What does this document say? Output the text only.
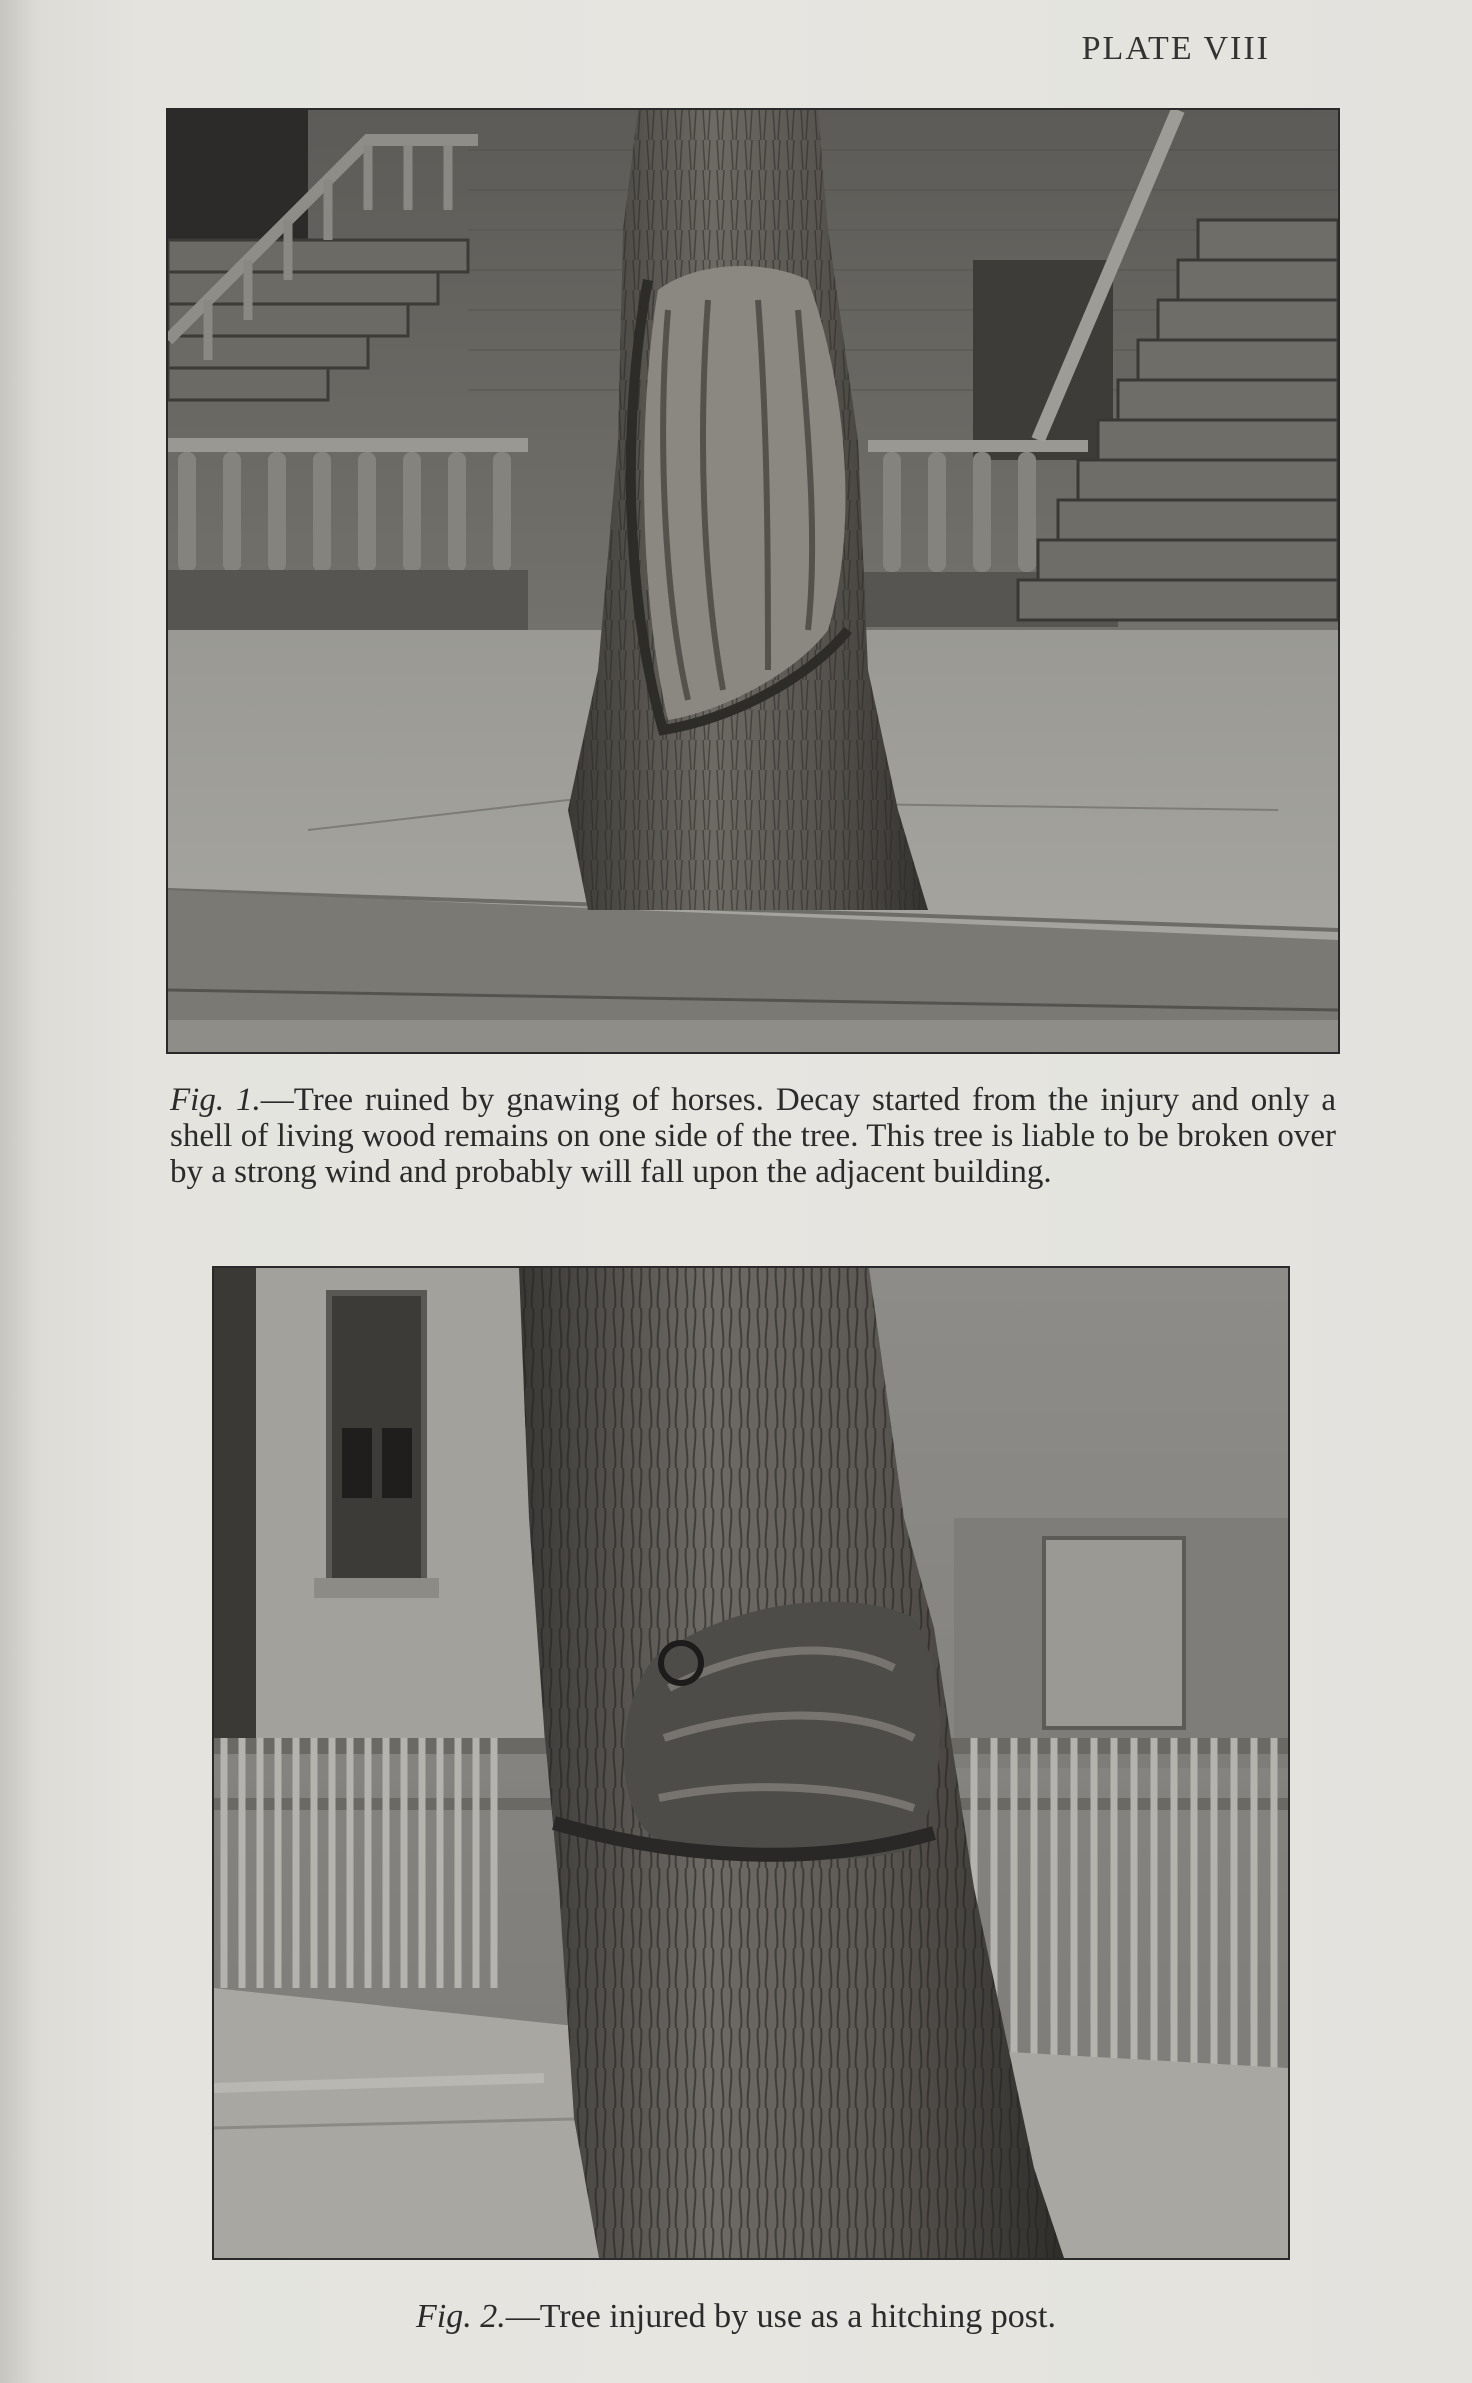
PLATE VIII
Fig. 1.—Tree ruined by gnawing of horses. Decay started from the injury and only a shell of living wood remains on one side of the tree. This tree is liable to be broken over by a strong wind and probably will fall upon the adjacent building.
Fig. 2.—Tree injured by use as a hitching post.
